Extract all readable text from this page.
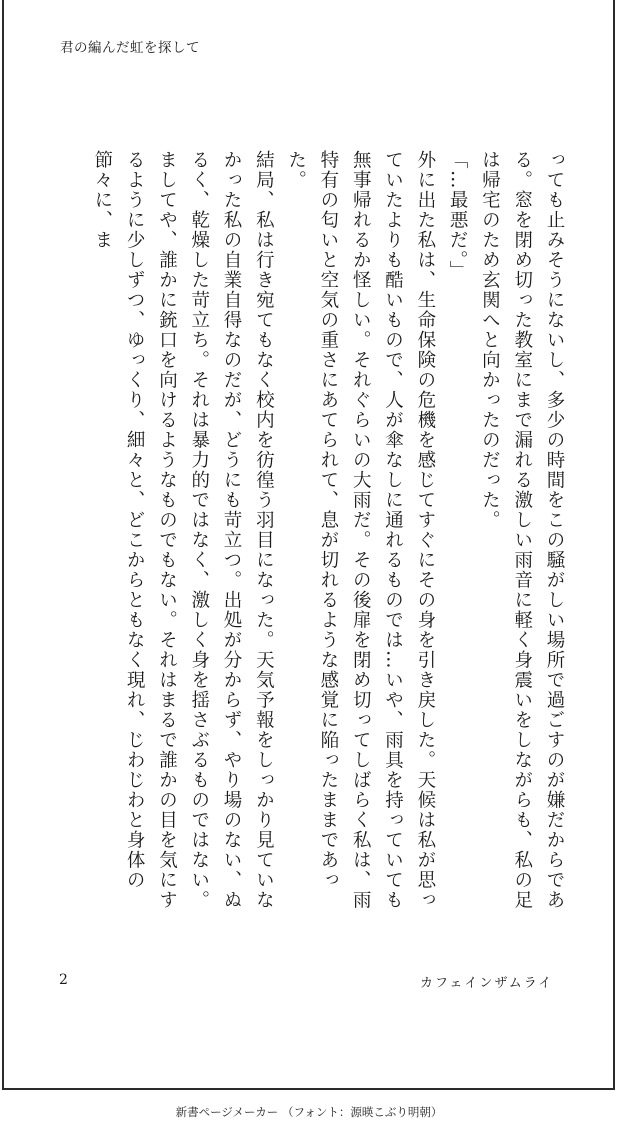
君の編んだ虹を探して

っても止みそうにないし、多少の時間をこの騒がしい場所で過ごすのが嫌だからである。窓を閉め切った教室にまで漏れる激しい雨音に軽く身震いをしながらも、私の足は帰宅のため玄関へと向かったのだった。

「…最悪だ。」

外に出た私は、生命保険の危機を感じてすぐにその身を引き戻した。天候は私が思っていたよりも酷いもので、人が傘なしに通れるものでは…いや、雨具を持っていても無事帰れるか怪しい。それぐらいの大雨だ。その後扉を閉め切ってしばらく私は、雨特有の匂いと空気の重さにあてられて、息が切れるような感覚に陥ったままであった。

結局、私は行き宛てもなく校内を彷徨う羽目になった。天気予報をしっかり見ていなかった私の自業自得なのだが、どうにも苛立つ。出処が分からず、やり場のない、ぬるく、乾燥した苛立ち。それは暴力的ではなく、激しく身を揺さぶるものではない。ましてや、誰かに銃口を向けるようなものでもない。それはまるで誰かの目を気にするように少しずつ、ゆっくり、細々と、どこからともなく現れ、じわじわと身体の節々に、ま

2	カフェインザムライ
新書ページメーカー （フォント：源暎こぶり明朝）
